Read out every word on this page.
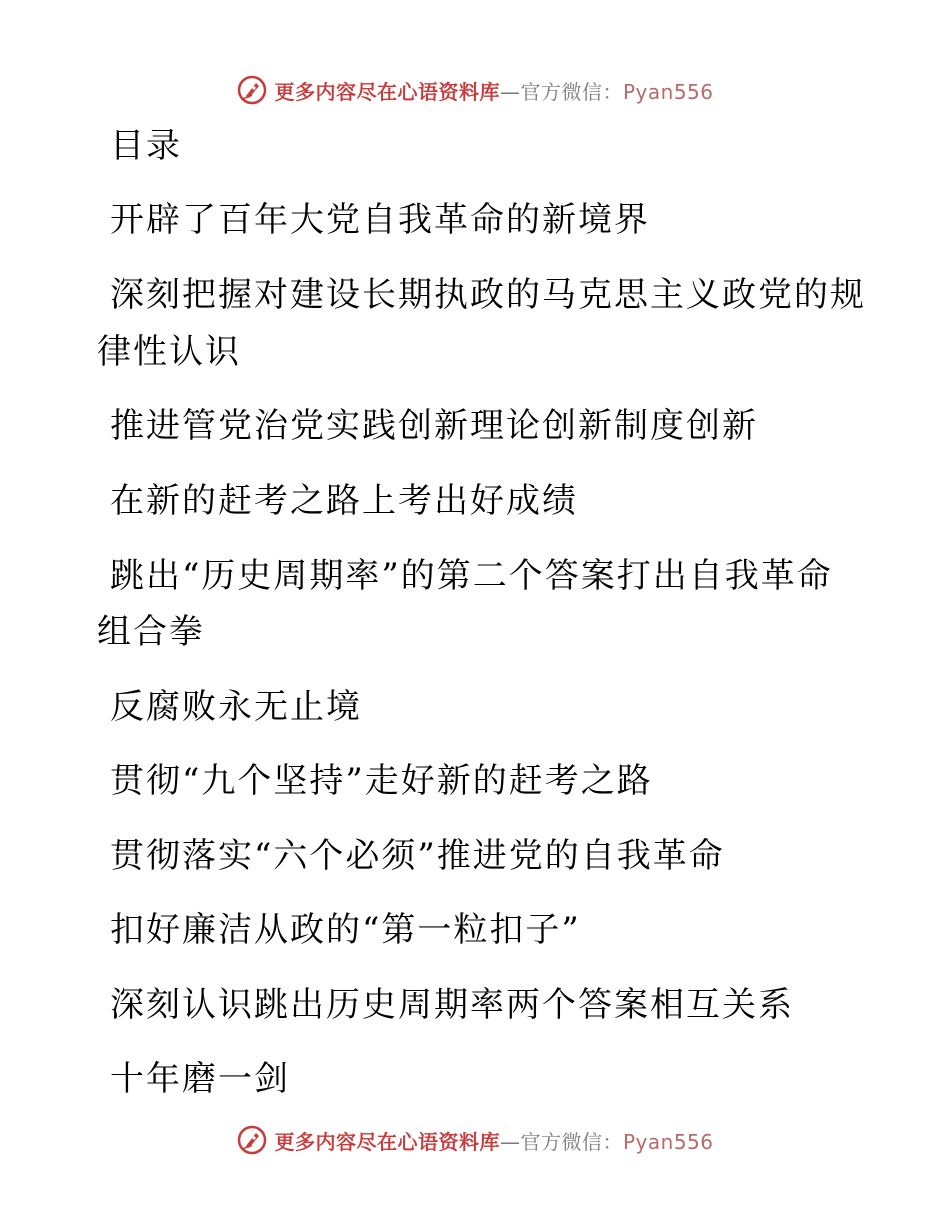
更多内容尽在心语资料库—官方微信：Pyan556
目录
开辟了百年大党自我革命的新境界
深刻把握对建设长期执政的马克思主义政党的规
律性认识
推进管党治党实践创新理论创新制度创新
在新的赶考之路上考出好成绩
跳出“历史周期率”的第二个答案打出自我革命
组合拳
反腐败永无止境
贯彻“九个坚持”走好新的赶考之路
贯彻落实“六个必须”推进党的自我革命
扣好廉洁从政的“第一粒扣子”
深刻认识跳出历史周期率两个答案相互关系
十年磨一剑
更多内容尽在心语资料库—官方微信：Pyan556
